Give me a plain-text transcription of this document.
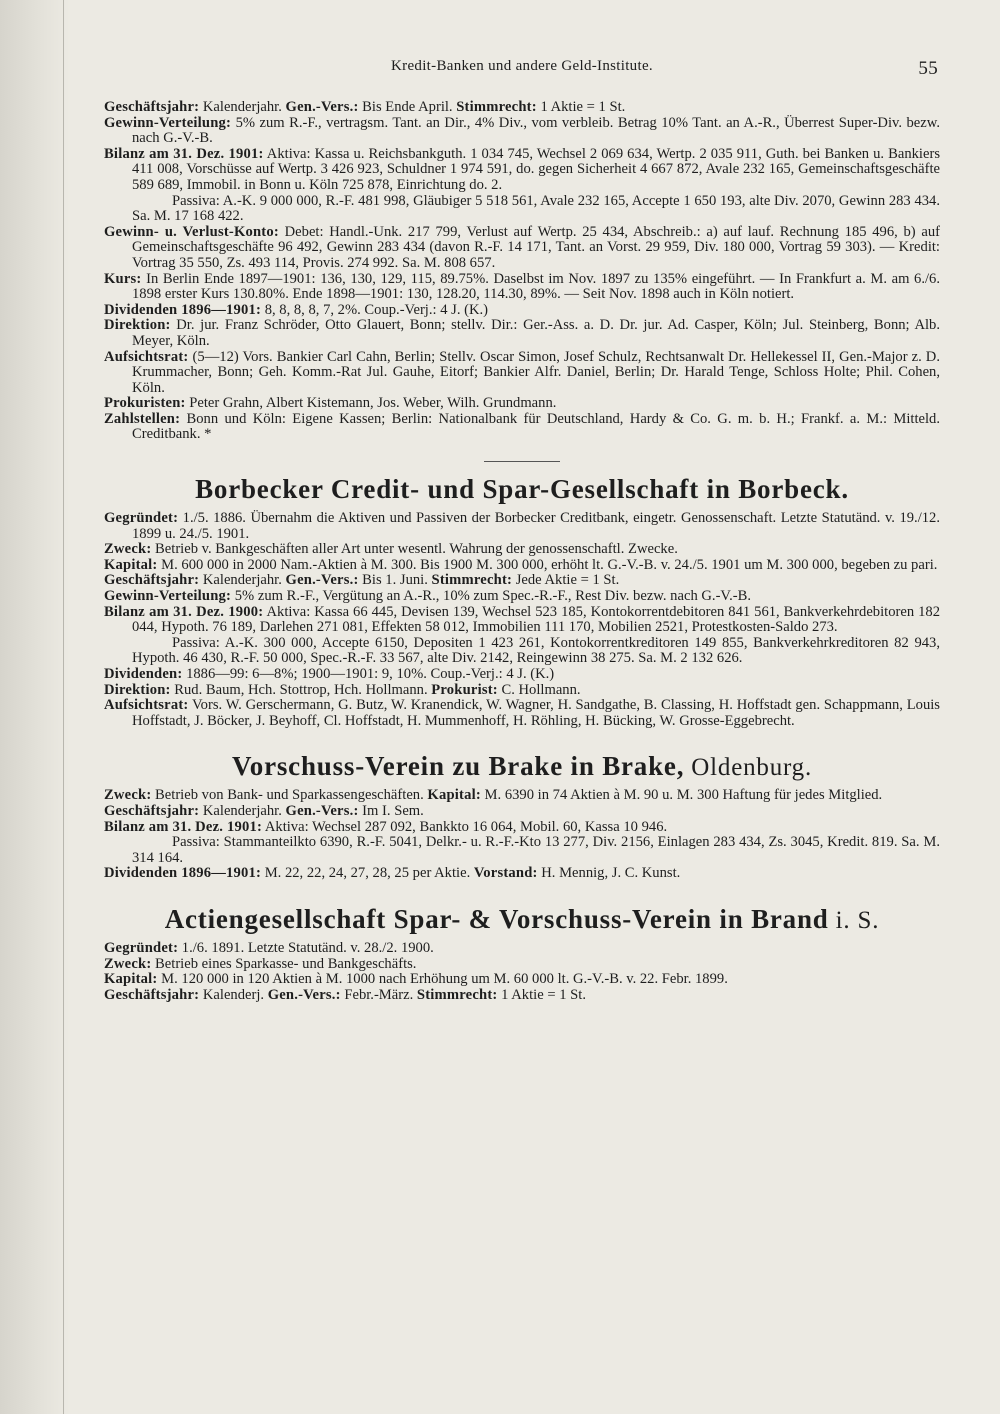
Kredit-Banken und andere Geld-Institute.	55

Geschäftsjahr: Kalenderjahr. Gen.-Vers.: Bis Ende April. Stimmrecht: 1 Aktie = 1 St.

Gewinn-Verteilung: 5% zum R.-F., vertragsm. Tant. an Dir., 4% Div., vom verbleib. Betrag 10% Tant. an A.-R., Überrest Super-Div. bezw. nach G.-V.-B.

Bilanz am 31. Dez. 1901: Aktiva: Kassa u. Reichsbankguth. 1 034 745, Wechsel 2 069 634, Wertp. 2 035 911, Guth. bei Banken u. Bankiers 411 008, Vorschüsse auf Wertp. 3 426 923, Schuldner 1 974 591, do. gegen Sicherheit 4 667 872, Avale 232 165, Gemeinschaftsgeschäfte 589 689, Immobil. in Bonn u. Köln 725 878, Einrichtung do. 2.

Passiva: A.-K. 9 000 000, R.-F. 481 998, Gläubiger 5 518 561, Avale 232 165, Accepte 1 650 193, alte Div. 2070, Gewinn 283 434. Sa. M. 17 168 422.

Gewinn- u. Verlust-Konto: Debet: Handl.-Unk. 217 799, Verlust auf Wertp. 25 434, Abschreib.: a) auf lauf. Rechnung 185 496, b) auf Gemeinschaftsgeschäfte 96 492, Gewinn 283 434 (davon R.-F. 14 171, Tant. an Vorst. 29 959, Div. 180 000, Vortrag 59 303). — Kredit: Vortrag 35 550, Zs. 493 114, Provis. 274 992. Sa. M. 808 657.

Kurs: In Berlin Ende 1897—1901: 136, 130, 129, 115, 89.75%. Daselbst im Nov. 1897 zu 135% eingeführt. — In Frankfurt a. M. am 6./6. 1898 erster Kurs 130.80%. Ende 1898—1901: 130, 128.20, 114.30, 89%. — Seit Nov. 1898 auch in Köln notiert.

Dividenden 1896—1901: 8, 8, 8, 8, 7, 2%. Coup.-Verj.: 4 J. (K.)

Direktion: Dr. jur. Franz Schröder, Otto Glauert, Bonn; stellv. Dir.: Ger.-Ass. a. D. Dr. jur. Ad. Casper, Köln; Jul. Steinberg, Bonn; Alb. Meyer, Köln.

Aufsichtsrat: (5—12) Vors. Bankier Carl Cahn, Berlin; Stellv. Oscar Simon, Josef Schulz, Rechtsanwalt Dr. Hellekessel II, Gen.-Major z. D. Krummacher, Bonn; Geh. Komm.-Rat Jul. Gauhe, Eitorf; Bankier Alfr. Daniel, Berlin; Dr. Harald Tenge, Schloss Holte; Phil. Cohen, Köln.

Prokuristen: Peter Grahn, Albert Kistemann, Jos. Weber, Wilh. Grundmann.

Zahlstellen: Bonn und Köln: Eigene Kassen; Berlin: Nationalbank für Deutschland, Hardy & Co. G. m. b. H.; Frankf. a. M.: Mitteld. Creditbank. *

Borbecker Credit- und Spar-Gesellschaft in Borbeck.

Gegründet: 1./5. 1886. Übernahm die Aktiven und Passiven der Borbecker Creditbank, eingetr. Genossenschaft. Letzte Statutänd. v. 19./12. 1899 u. 24./5. 1901.

Zweck: Betrieb v. Bankgeschäften aller Art unter wesentl. Wahrung der genossenschaftl. Zwecke.

Kapital: M. 600 000 in 2000 Nam.-Aktien à M. 300. Bis 1900 M. 300 000, erhöht lt. G.-V.-B. v. 24./5. 1901 um M. 300 000, begeben zu pari.

Geschäftsjahr: Kalenderjahr. Gen.-Vers.: Bis 1. Juni. Stimmrecht: Jede Aktie = 1 St.

Gewinn-Verteilung: 5% zum R.-F., Vergütung an A.-R., 10% zum Spec.-R.-F., Rest Div. bezw. nach G.-V.-B.

Bilanz am 31. Dez. 1900: Aktiva: Kassa 66 445, Devisen 139, Wechsel 523 185, Kontokorrentdebitoren 841 561, Bankverkehrdebitoren 182 044, Hypoth. 76 189, Darlehen 271 081, Effekten 58 012, Immobilien 111 170, Mobilien 2521, Protestkosten-Saldo 273.

Passiva: A.-K. 300 000, Accepte 6150, Depositen 1 423 261, Kontokorrentkreditoren 149 855, Bankverkehrkreditoren 82 943, Hypoth. 46 430, R.-F. 50 000, Spec.-R.-F. 33 567, alte Div. 2142, Reingewinn 38 275. Sa. M. 2 132 626.

Dividenden: 1886—99: 6—8%; 1900—1901: 9, 10%. Coup.-Verj.: 4 J. (K.)

Direktion: Rud. Baum, Hch. Stottrop, Hch. Hollmann. Prokurist: C. Hollmann.

Aufsichtsrat: Vors. W. Gerschermann, G. Butz, W. Kranendick, W. Wagner, H. Sandgathe, B. Classing, H. Hoffstadt gen. Schappmann, Louis Hoffstadt, J. Böcker, J. Beyhoff, Cl. Hoffstadt, H. Mummenhoff, H. Röhling, H. Bücking, W. Grosse-Eggebrecht.

Vorschuss-Verein zu Brake in Brake, Oldenburg.

Zweck: Betrieb von Bank- und Sparkassengeschäften. Kapital: M. 6390 in 74 Aktien à M. 90 u. M. 300 Haftung für jedes Mitglied.

Geschäftsjahr: Kalenderjahr. Gen.-Vers.: Im I. Sem.

Bilanz am 31. Dez. 1901: Aktiva: Wechsel 287 092, Bankkto 16 064, Mobil. 60, Kassa 10 946.

Passiva: Stammanteilkto 6390, R.-F. 5041, Delkr.- u. R.-F.-Kto 13 277, Div. 2156, Einlagen 283 434, Zs. 3045, Kredit. 819. Sa. M. 314 164.

Dividenden 1896—1901: M. 22, 22, 24, 27, 28, 25 per Aktie. Vorstand: H. Mennig, J. C. Kunst.

Actiengesellschaft Spar- & Vorschuss-Verein in Brand i. S.

Gegründet: 1./6. 1891. Letzte Statutänd. v. 28./2. 1900.

Zweck: Betrieb eines Sparkasse- und Bankgeschäfts.

Kapital: M. 120 000 in 120 Aktien à M. 1000 nach Erhöhung um M. 60 000 lt. G.-V.-B. v. 22. Febr. 1899.

Geschäftsjahr: Kalenderj. Gen.-Vers.: Febr.-März. Stimmrecht: 1 Aktie = 1 St.
